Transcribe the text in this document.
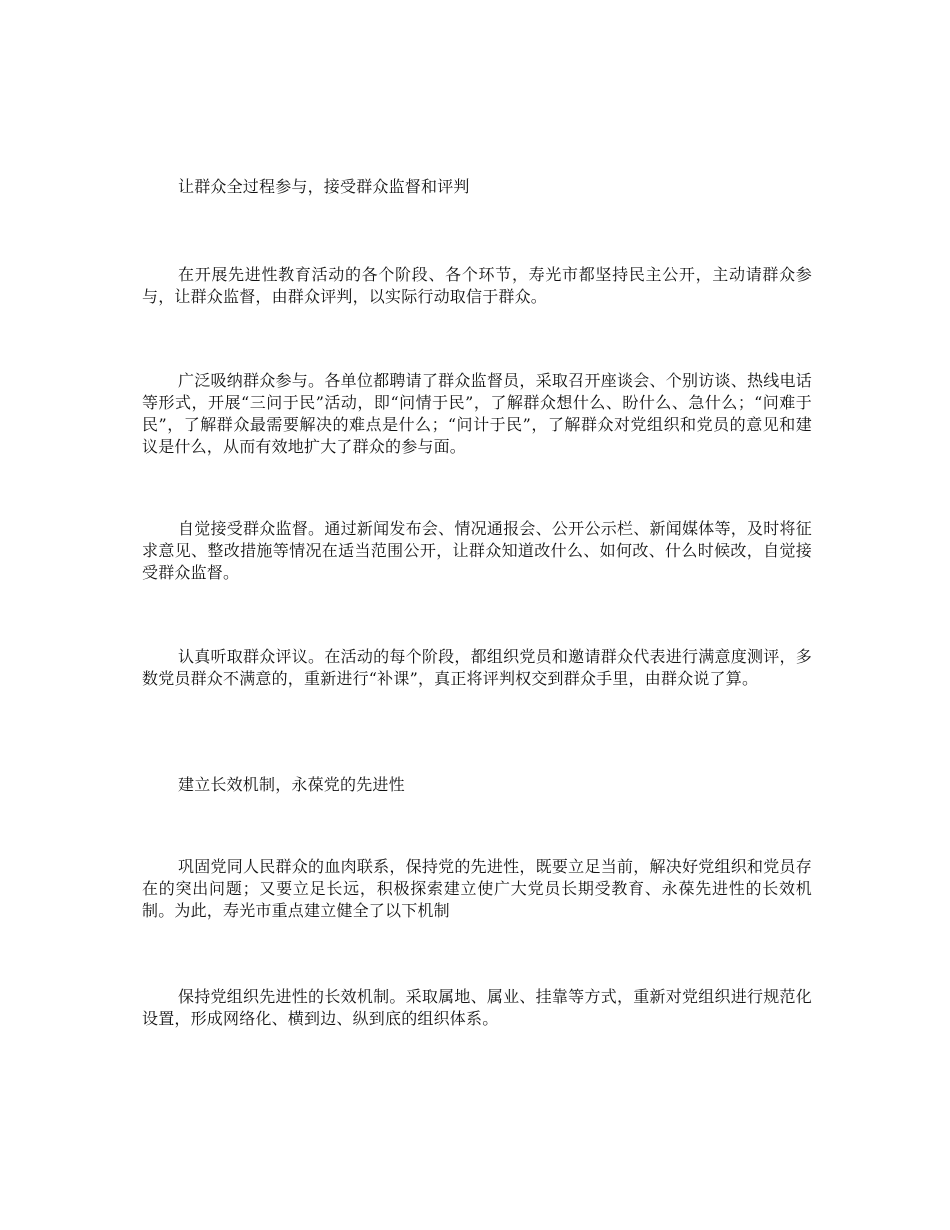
让群众全过程参与，接受群众监督和评判

在开展先进性教育活动的各个阶段、各个环节，寿光市都坚持民主公开，主动请群众参与，让群众监督，由群众评判，以实际行动取信于群众。

广泛吸纳群众参与。各单位都聘请了群众监督员，采取召开座谈会、个别访谈、热线电话等形式，开展“三问于民”活动，即“问情于民”，了解群众想什么、盼什么、急什么；“问难于民”，了解群众最需要解决的难点是什么；“问计于民”，了解群众对党组织和党员的意见和建议是什么，从而有效地扩大了群众的参与面。

自觉接受群众监督。通过新闻发布会、情况通报会、公开公示栏、新闻媒体等，及时将征求意见、整改措施等情况在适当范围公开，让群众知道改什么、如何改、什么时候改，自觉接受群众监督。

认真听取群众评议。在活动的每个阶段，都组织党员和邀请群众代表进行满意度测评，多数党员群众不满意的，重新进行“补课”，真正将评判权交到群众手里，由群众说了算。

建立长效机制，永葆党的先进性

巩固党同人民群众的血肉联系，保持党的先进性，既要立足当前，解决好党组织和党员存在的突出问题；又要立足长远，积极探索建立使广大党员长期受教育、永葆先进性的长效机制。为此，寿光市重点建立健全了以下机制

保持党组织先进性的长效机制。采取属地、属业、挂靠等方式，重新对党组织进行规范化设置，形成网络化、横到边、纵到底的组织体系。
